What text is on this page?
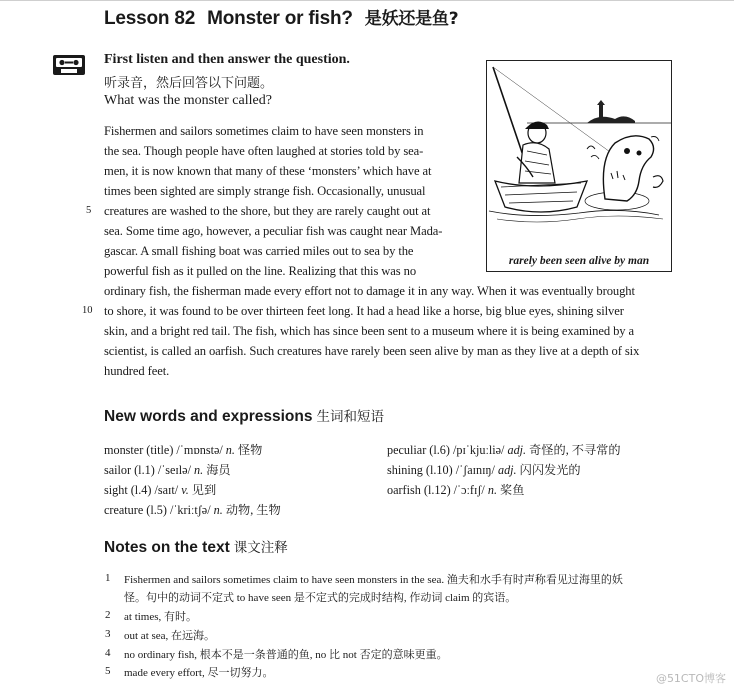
Lesson 82 Monster or fish? 是妖还是鱼?
First listen and then answer the question.
听录音，然后回答以下问题。
What was the monster called?
Fishermen and sailors sometimes claim to have seen monsters in
the sea. Though people have often laughed at stories told by sea-
men, it is now known that many of these ‘monsters’ which have at
times been sighted are simply strange fish. Occasionally, unusual
creatures are washed to the shore, but they are rarely caught out at
sea. Some time ago, however, a peculiar fish was caught near Mada-
gascar. A small fishing boat was carried miles out to sea by the
powerful fish as it pulled on the line. Realizing that this was no
ordinary fish, the fisherman made every effort not to damage it in any way. When it was eventually brought
to shore, it was found to be over thirteen feet long. It had a head like a horse, big blue eyes, shining silver
skin, and a bright red tail. The fish, which has since been sent to a museum where it is being examined by a
scientist, is called an oarfish. Such creatures have rarely been seen alive by man as they live at a depth of six
hundred feet.
5
10
rarely been seen alive by man
New words and expressions 生词和短语
monster (title) /ˈmɒnstə/ n. 怪物
sailor (l.1) /ˈseɪlə/ n. 海员
sight (l.4) /saɪt/ v. 见到
creature (l.5) /ˈkriːtʃə/ n. 动物, 生物
peculiar (l.6) /pɪˈkjuːliə/ adj. 奇怪的, 不寻常的
shining (l.10) /ˈʃaɪnɪŋ/ adj. 闪闪发光的
oarfish (l.12) /ˈɔːfɪʃ/ n. 桨鱼
Notes on the text 课文注释
1 Fishermen and sailors sometimes claim to have seen monsters in the sea. 渔夫和水手有时声称看见过海里的妖
怪。句中的动词不定式 to have seen 是不定式的完成时结构, 作动词 claim 的宾语。
2 at times, 有时。
3 out at sea, 在远海。
4 no ordinary fish, 根本不是一条普通的鱼, no 比 not 否定的意味更重。
5 made every effort, 尽一切努力。	@51CTO博客
